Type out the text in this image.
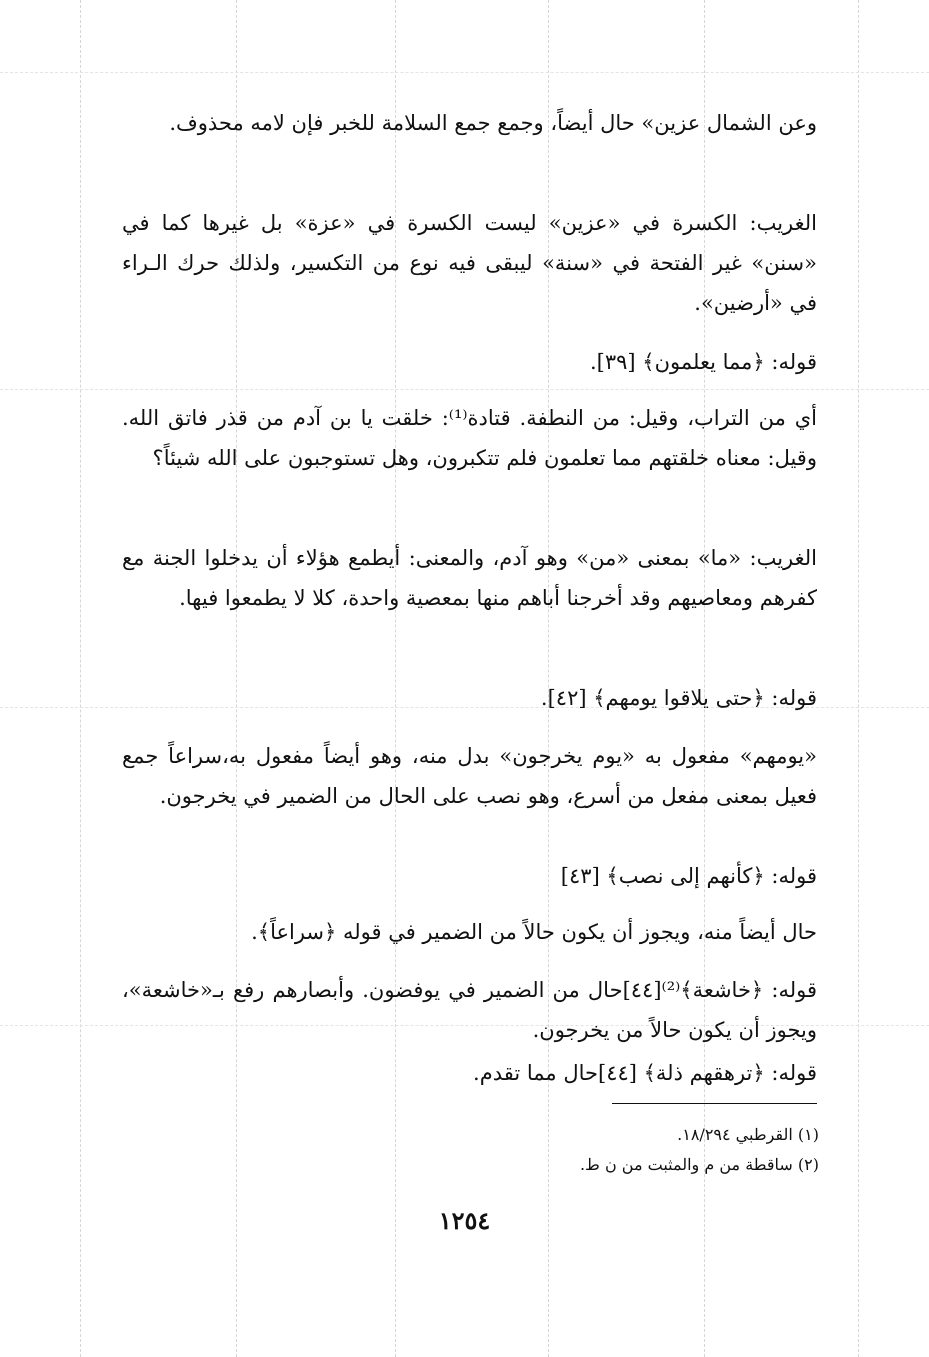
وعن الشمال عزين» حال أيضاً، وجمع جمع السلامة للخبر فإن لامه محذوف.
الغريب: الكسرة في «عزين» ليست الكسرة في «عزة» بل غيرها كما في «سنن» غير الفتحة في «سنة» ليبقى فيه نوع من التكسير، ولذلك حرك الـراء في «أرضين».
قوله: ﴿مما يعلمون﴾ [٣٩].
أي من التراب، وقيل: من النطفة. قتادة⁽¹⁾: خلقت يا بن آدم من قذر فاتق الله. وقيل: معناه خلقتهم مما تعلمون فلم تتكبرون، وهل تستوجبون على الله شيئاً؟
الغريب: «ما» بمعنى «من» وهو آدم، والمعنى: أيطمع هؤلاء أن يدخلوا الجنة مع كفرهم ومعاصيهم وقد أخرجنا أباهم منها بمعصية واحدة، كلا لا يطمعوا فيها.
قوله: ﴿حتى يلاقوا يومهم﴾ [٤٢].
«يومهم» مفعول به «يوم يخرجون» بدل منه، وهو أيضاً مفعول به،سراعاً جمع فعيل بمعنى مفعل من أسرع، وهو نصب على الحال من الضمير في يخرجون.
قوله: ﴿كأنهم إلى نصب﴾ [٤٣]
حال أيضاً منه، ويجوز أن يكون حالاً من الضمير في قوله ﴿سراعاً﴾.
قوله: ﴿خاشعة﴾⁽²⁾[٤٤]حال من الضمير في يوفضون. وأبصارهم رفع بـ«خاشعة»، ويجوز أن يكون حالاً من يخرجون.
قوله: ﴿ترهقهم ذلة﴾ [٤٤]حال مما تقدم.
(١) القرطبي ١٨/٢٩٤.
(٢) ساقطة من م والمثبت من ن ط.
١٢٥٤
